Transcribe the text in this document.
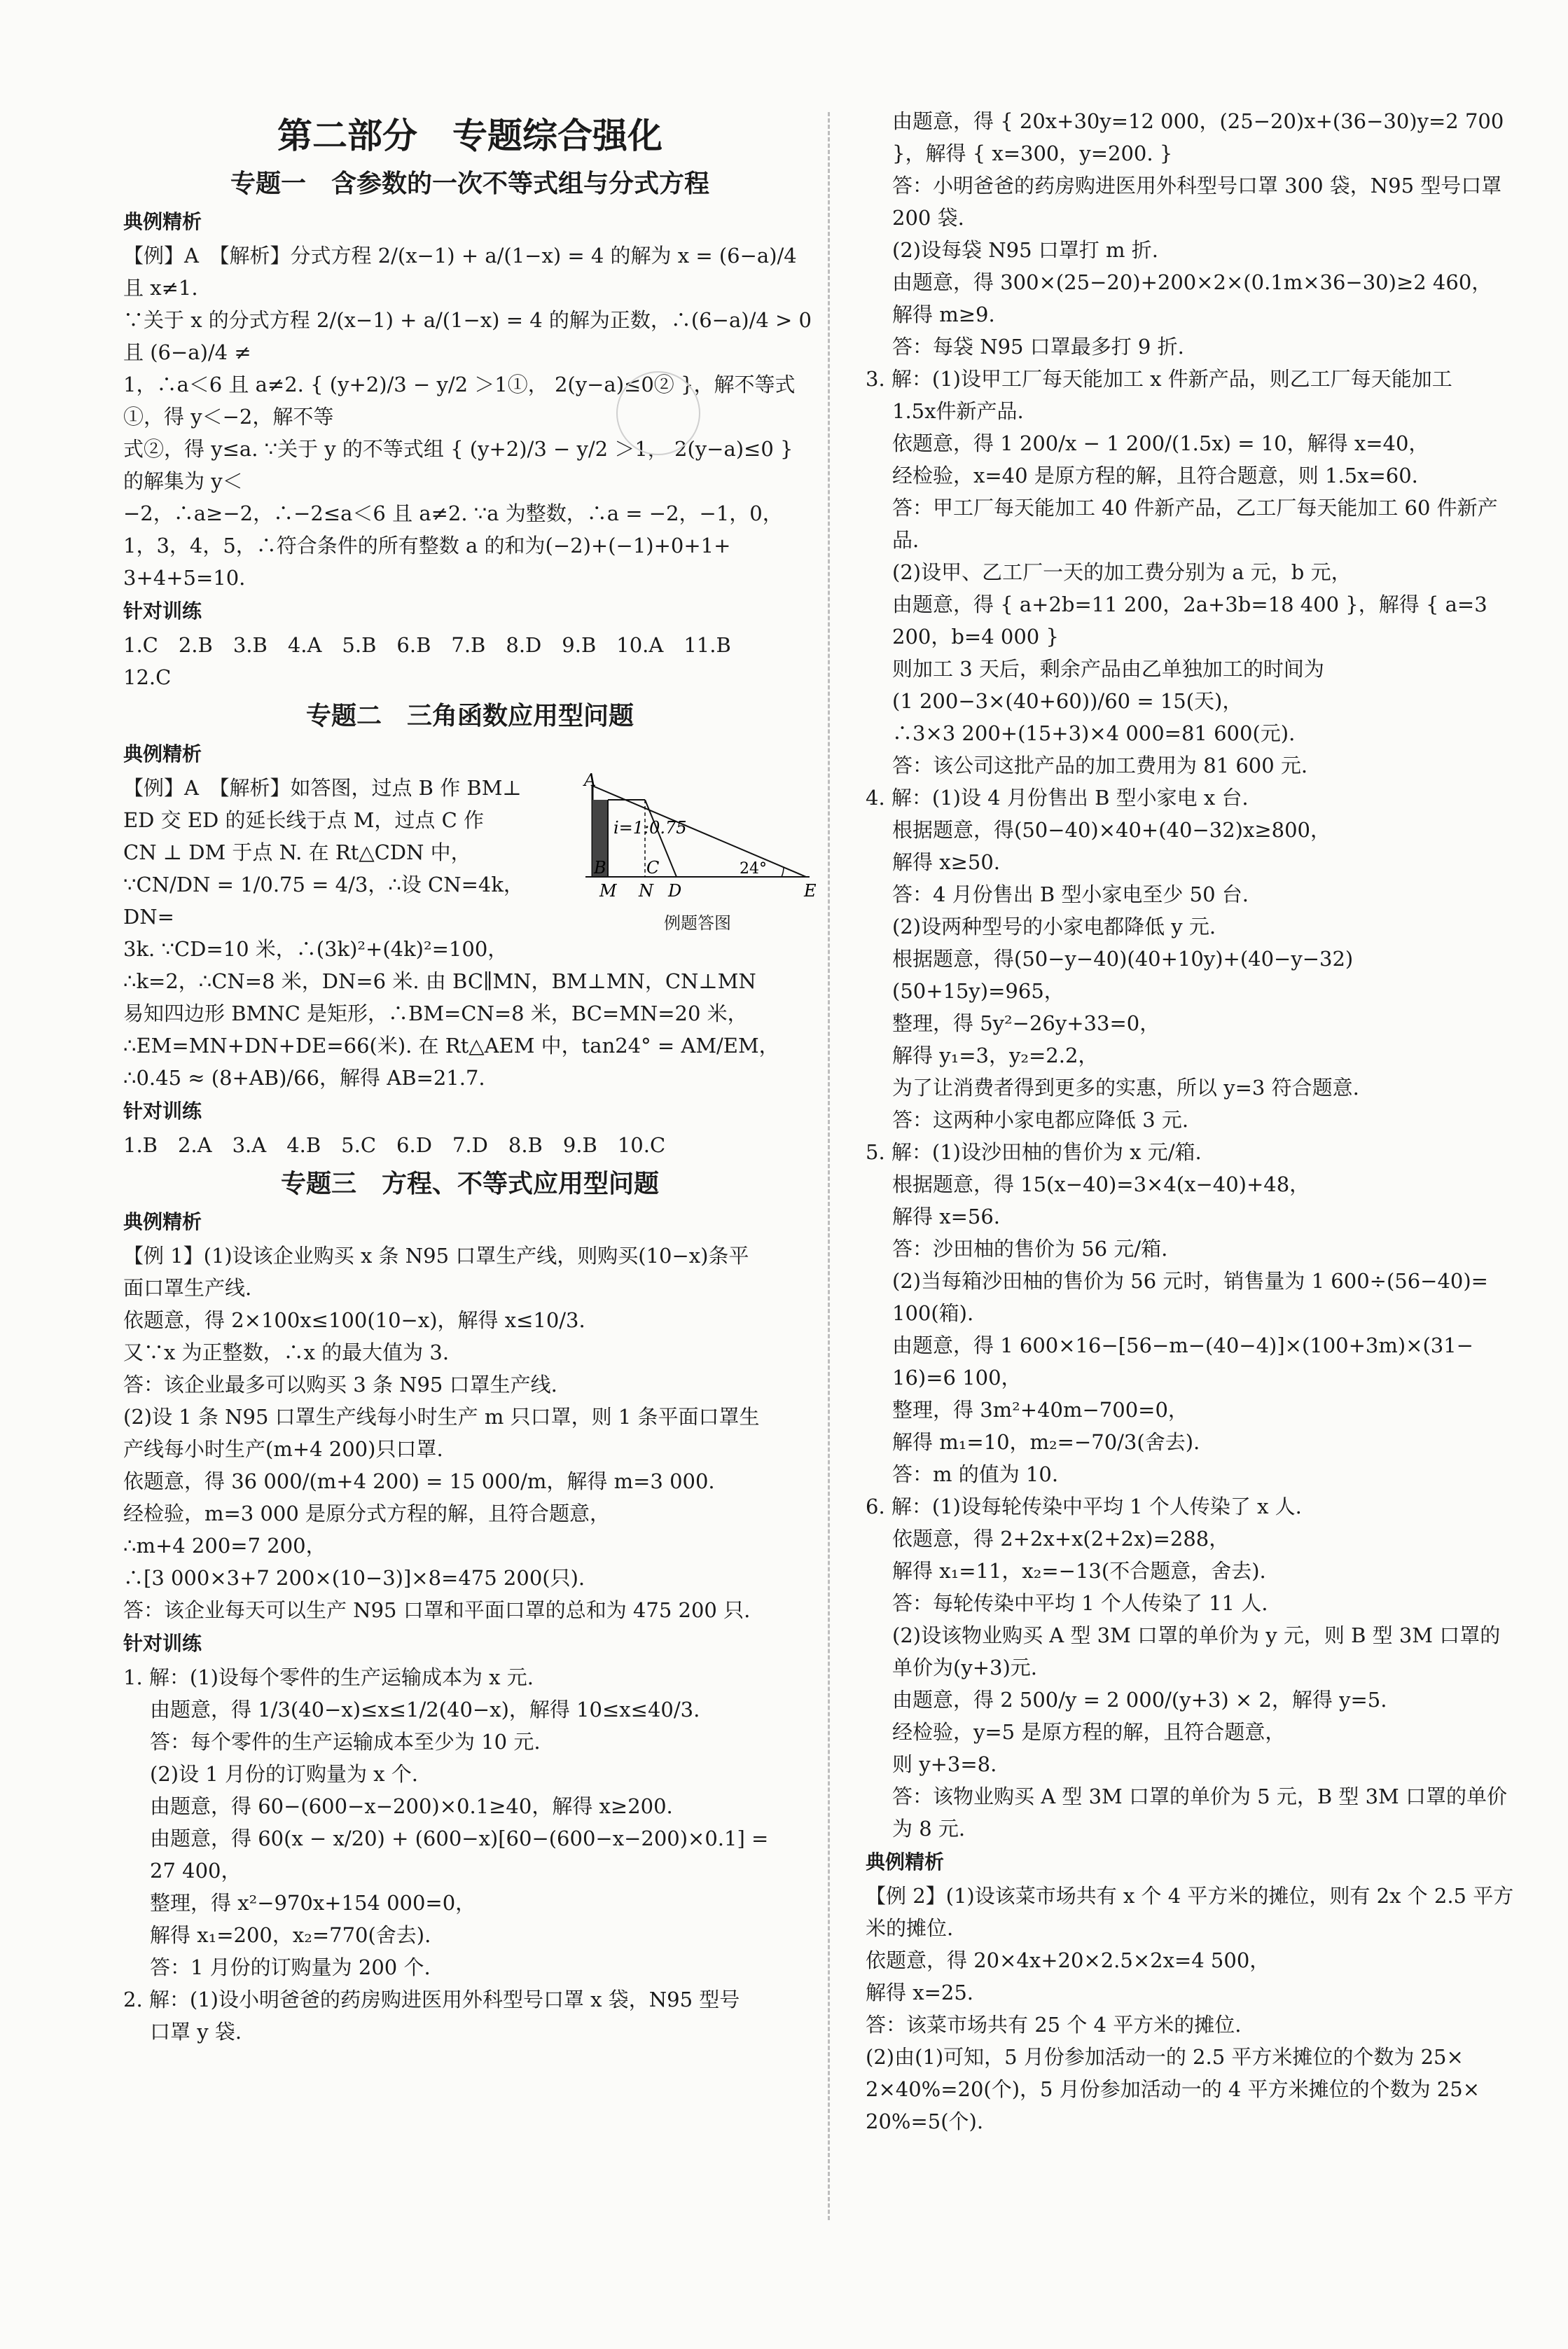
第二部分　专题综合强化
专题一　含参数的一次不等式组与分式方程
典例精析
【例】A　【解析】分式方程 2/(x−1) + a/(1−x) = 4 的解为 x = (6−a)/4 且 x≠1.
∵关于 x 的分式方程 2/(x−1) + a/(1−x) = 4 的解为正数，∴(6−a)/4 > 0 且 (6−a)/4 ≠
1，∴a＜6 且 a≠2. { (y+2)/3 − y/2 ＞1①， 2(y−a)≤0② }，解不等式①，得 y＜−2，解不等
式②，得 y≤a. ∵关于 y 的不等式组 { (y+2)/3 − y/2 ＞1， 2(y−a)≤0 } 的解集为 y＜
−2，∴a≥−2，∴−2≤a＜6 且 a≠2. ∵a 为整数，∴a = −2，−1，0，
1，3，4，5，∴符合条件的所有整数 a 的和为(−2)+(−1)+0+1+
3+4+5=10.
针对训练
1.C　2.B　3.B　4.A　5.B　6.B　7.B　8.D　9.B　10.A　11.B
12.C
专题二　三角函数应用型问题
典例精析
A
B C
M N D	E
i=1:0.75
24°
例题答图
【例】A　【解析】如答图，过点 B 作 BM⊥
ED 交 ED 的延长线于点 M，过点 C 作
CN ⊥ DM 于点 N. 在 Rt△CDN 中，
∵CN/DN = 1/0.75 = 4/3，∴设 CN=4k，DN=
3k. ∵CD=10 米，∴(3k)²+(4k)²=100，
∴k=2，∴CN=8 米，DN=6 米. 由 BC∥MN，BM⊥MN，CN⊥MN
易知四边形 BMNC 是矩形，∴BM=CN=8 米，BC=MN=20 米，
∴EM=MN+DN+DE=66(米). 在 Rt△AEM 中，tan24° = AM/EM，
∴0.45 ≈ (8+AB)/66，解得 AB=21.7.
针对训练
1.B　2.A　3.A　4.B　5.C　6.D　7.D　8.B　9.B　10.C
专题三　方程、不等式应用型问题
典例精析
【例 1】(1)设该企业购买 x 条 N95 口罩生产线，则购买(10−x)条平
面口罩生产线.
依题意，得 2×100x≤100(10−x)，解得 x≤10/3.
又∵x 为正整数，∴x 的最大值为 3.
答：该企业最多可以购买 3 条 N95 口罩生产线.
(2)设 1 条 N95 口罩生产线每小时生产 m 只口罩，则 1 条平面口罩生
产线每小时生产(m+4 200)只口罩.
依题意，得 36 000/(m+4 200) = 15 000/m，解得 m=3 000.
经检验，m=3 000 是原分式方程的解，且符合题意，
∴m+4 200=7 200，
∴[3 000×3+7 200×(10−3)]×8=475 200(只).
答：该企业每天可以生产 N95 口罩和平面口罩的总和为 475 200 只.
针对训练
1. 解：(1)设每个零件的生产运输成本为 x 元.
由题意，得 1/3(40−x)≤x≤1/2(40−x)，解得 10≤x≤40/3.
答：每个零件的生产运输成本至少为 10 元.
(2)设 1 月份的订购量为 x 个.
由题意，得 60−(600−x−200)×0.1≥40，解得 x≥200.
由题意，得 60(x − x/20) + (600−x)[60−(600−x−200)×0.1] =
27 400，
整理，得 x²−970x+154 000=0，
解得 x₁=200，x₂=770(舍去).
答：1 月份的订购量为 200 个.
2. 解：(1)设小明爸爸的药房购进医用外科型号口罩 x 袋，N95 型号
口罩 y 袋.
由题意，得 { 20x+30y=12 000，(25−20)x+(36−30)y=2 700 }，解得 { x=300，y=200. }
答：小明爸爸的药房购进医用外科型号口罩 300 袋，N95 型号口罩
200 袋.
(2)设每袋 N95 口罩打 m 折.
由题意，得 300×(25−20)+200×2×(0.1m×36−30)≥2 460，
解得 m≥9.
答：每袋 N95 口罩最多打 9 折.
3. 解：(1)设甲工厂每天能加工 x 件新产品，则乙工厂每天能加工
1.5x件新产品.
依题意，得 1 200/x − 1 200/(1.5x) = 10，解得 x=40，
经检验，x=40 是原方程的解，且符合题意，则 1.5x=60.
答：甲工厂每天能加工 40 件新产品，乙工厂每天能加工 60 件新产
品.
(2)设甲、乙工厂一天的加工费分别为 a 元，b 元，
由题意，得 { a+2b=11 200，2a+3b=18 400 }，解得 { a=3 200，b=4 000 }
则加工 3 天后，剩余产品由乙单独加工的时间为
(1 200−3×(40+60))/60 = 15(天)，
∴3×3 200+(15+3)×4 000=81 600(元).
答：该公司这批产品的加工费用为 81 600 元.
4. 解：(1)设 4 月份售出 B 型小家电 x 台.
根据题意，得(50−40)×40+(40−32)x≥800，
解得 x≥50.
答：4 月份售出 B 型小家电至少 50 台.
(2)设两种型号的小家电都降低 y 元.
根据题意，得(50−y−40)(40+10y)+(40−y−32)(50+15y)=965，
整理，得 5y²−26y+33=0，
解得 y₁=3，y₂=2.2，
为了让消费者得到更多的实惠，所以 y=3 符合题意.
答：这两种小家电都应降低 3 元.
5. 解：(1)设沙田柚的售价为 x 元/箱.
根据题意，得 15(x−40)=3×4(x−40)+48，
解得 x=56.
答：沙田柚的售价为 56 元/箱.
(2)当每箱沙田柚的售价为 56 元时，销售量为 1 600÷(56−40)=
100(箱).
由题意，得 1 600×16−[56−m−(40−4)]×(100+3m)×(31−
16)=6 100，
整理，得 3m²+40m−700=0，
解得 m₁=10，m₂=−70/3(舍去).
答：m 的值为 10.
6. 解：(1)设每轮传染中平均 1 个人传染了 x 人.
依题意，得 2+2x+x(2+2x)=288，
解得 x₁=11，x₂=−13(不合题意，舍去).
答：每轮传染中平均 1 个人传染了 11 人.
(2)设该物业购买 A 型 3M 口罩的单价为 y 元，则 B 型 3M 口罩的
单价为(y+3)元.
由题意，得 2 500/y = 2 000/(y+3) × 2，解得 y=5.
经检验，y=5 是原方程的解，且符合题意，
则 y+3=8.
答：该物业购买 A 型 3M 口罩的单价为 5 元，B 型 3M 口罩的单价
为 8 元.
典例精析
【例 2】(1)设该菜市场共有 x 个 4 平方米的摊位，则有 2x 个 2.5 平方
米的摊位.
依题意，得 20×4x+20×2.5×2x=4 500，
解得 x=25.
答：该菜市场共有 25 个 4 平方米的摊位.
(2)由(1)可知，5 月份参加活动一的 2.5 平方米摊位的个数为 25×
2×40%=20(个)，5 月份参加活动一的 4 平方米摊位的个数为 25×
20%=5(个).
